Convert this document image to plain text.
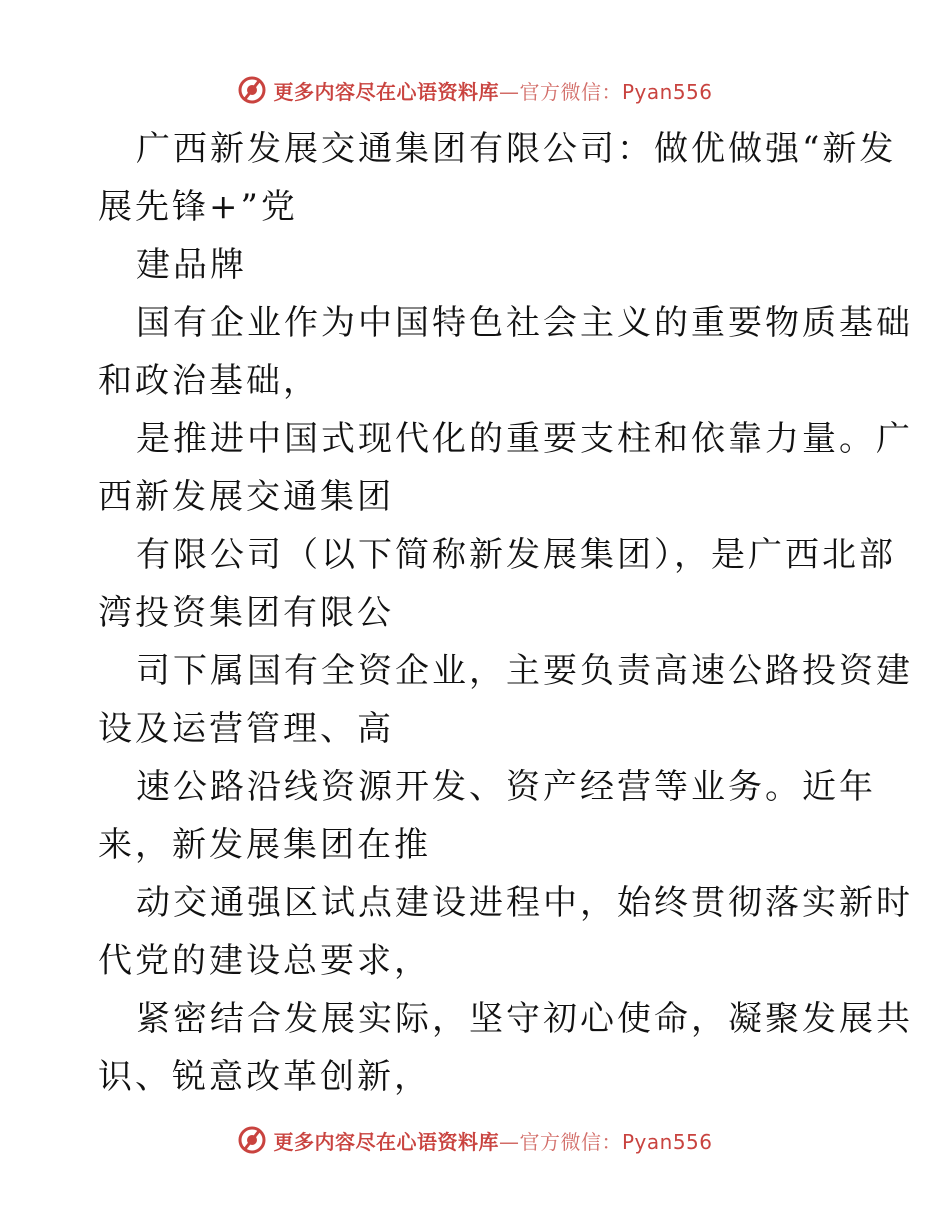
更多内容尽在心语资料库—官方微信：Pyan556

广西新发展交通集团有限公司：做优做强“新发
展先锋+”党
建品牌
国有企业作为中国特色社会主义的重要物质基础
和政治基础，
是推进中国式现代化的重要支柱和依靠力量。广
西新发展交通集团
有限公司（以下简称新发展集团），是广西北部
湾投资集团有限公
司下属国有全资企业，主要负责高速公路投资建
设及运营管理、高
速公路沿线资源开发、资产经营等业务。近年
来，新发展集团在推
动交通强区试点建设进程中，始终贯彻落实新时
代党的建设总要求，
紧密结合发展实际，坚守初心使命，凝聚发展共
识、锐意改革创新，

更多内容尽在心语资料库—官方微信：Pyan556
